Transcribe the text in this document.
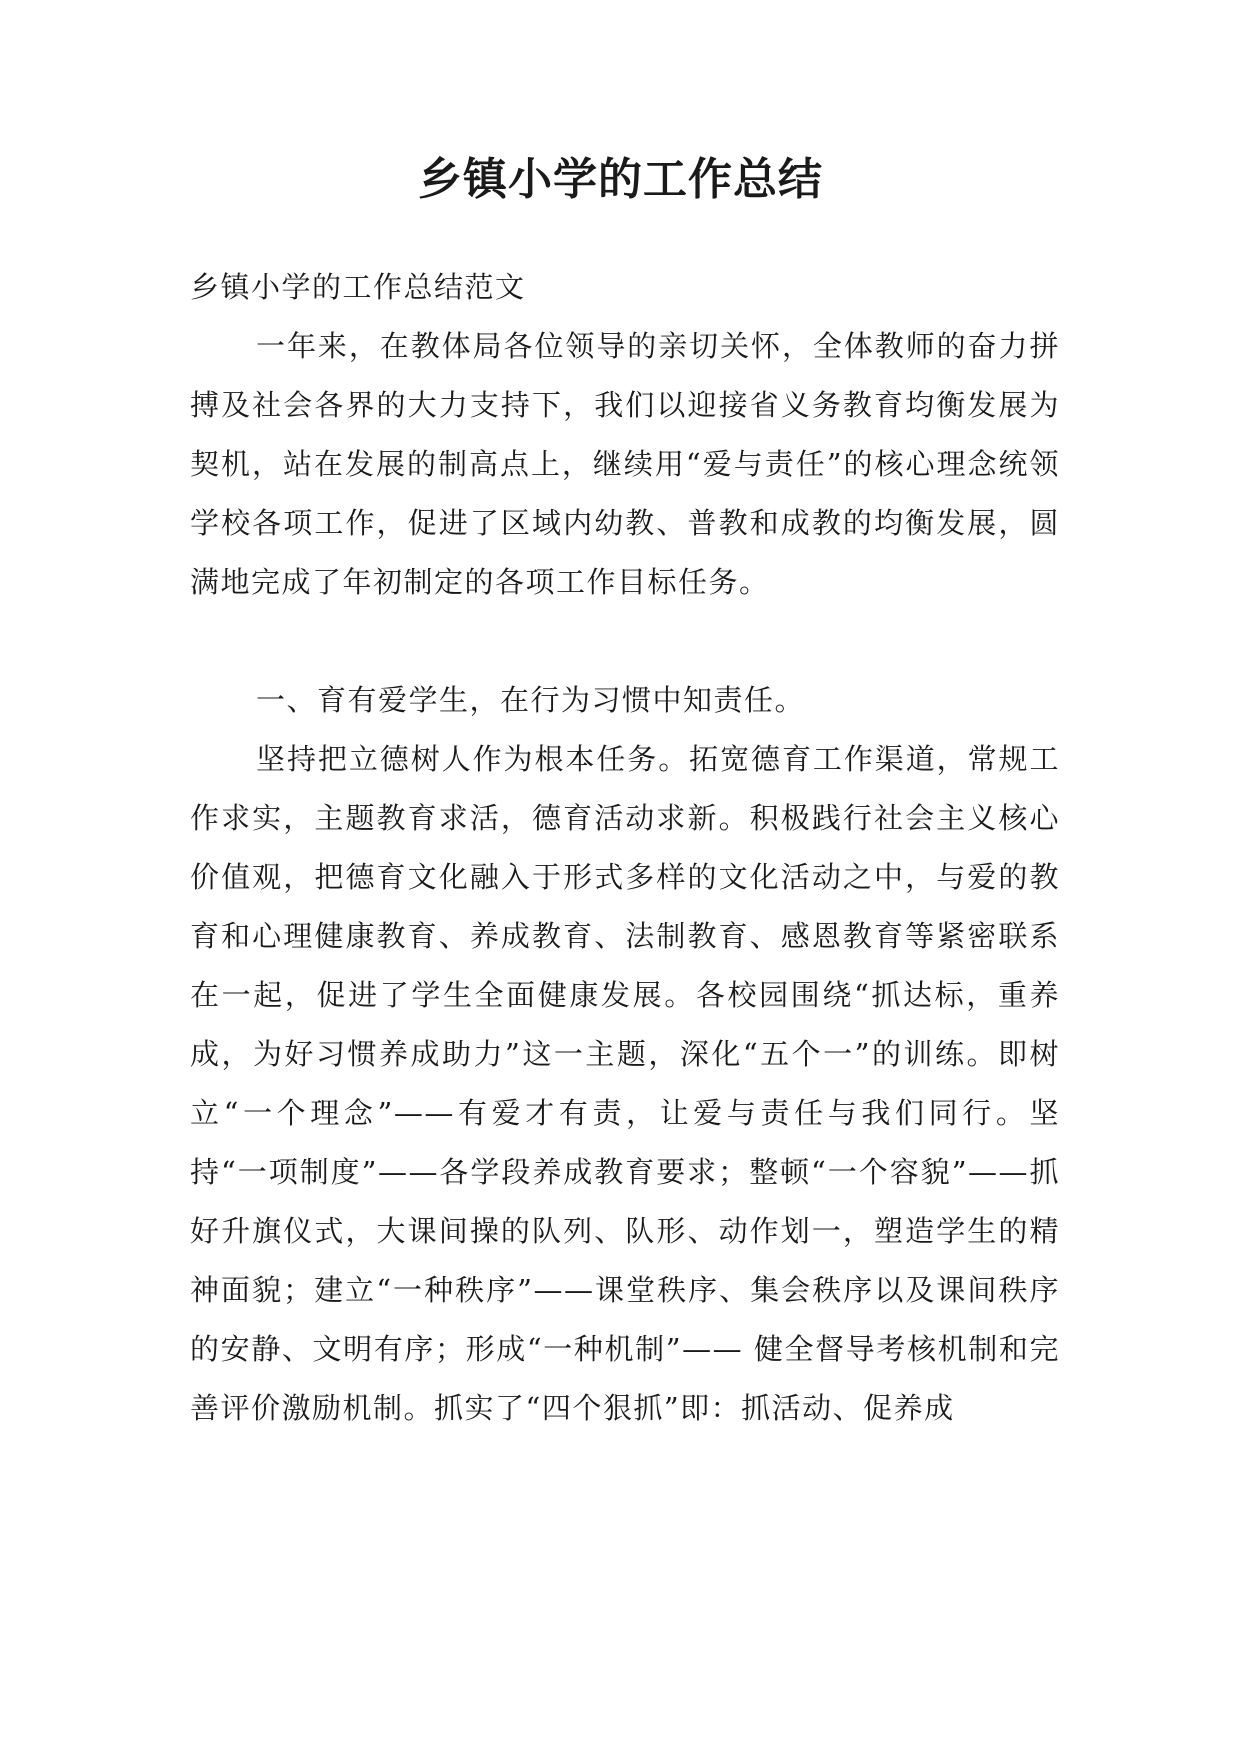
乡镇小学的工作总结

乡镇小学的工作总结范文

一年来，在教体局各位领导的亲切关怀，全体教师的奋力拼搏及社会各界的大力支持下，我们以迎接省义务教育均衡发展为契机，站在发展的制高点上，继续用“爱与责任”的核心理念统领学校各项工作，促进了区域内幼教、普教和成教的均衡发展，圆满地完成了年初制定的各项工作目标任务。

一、育有爱学生，在行为习惯中知责任。

坚持把立德树人作为根本任务。拓宽德育工作渠道，常规工作求实，主题教育求活，德育活动求新。积极践行社会主义核心价值观，把德育文化融入于形式多样的文化活动之中，与爱的教育和心理健康教育、养成教育、法制教育、感恩教育等紧密联系在一起，促进了学生全面健康发展。各校园围绕“抓达标，重养成，为好习惯养成助力”这一主题，深化“五个一”的训练。即树立“一个理念”——有爱才有责，让爱与责任与我们同行。坚持“一项制度”——各学段养成教育要求；整顿“一个容貌”——抓好升旗仪式，大课间操的队列、队形、动作划一，塑造学生的精神面貌；建立“一种秩序”——课堂秩序、集会秩序以及课间秩序的安静、文明有序；形成“一种机制”—— 健全督导考核机制和完善评价激励机制。抓实了“四个狠抓”即：抓活动、促养成
